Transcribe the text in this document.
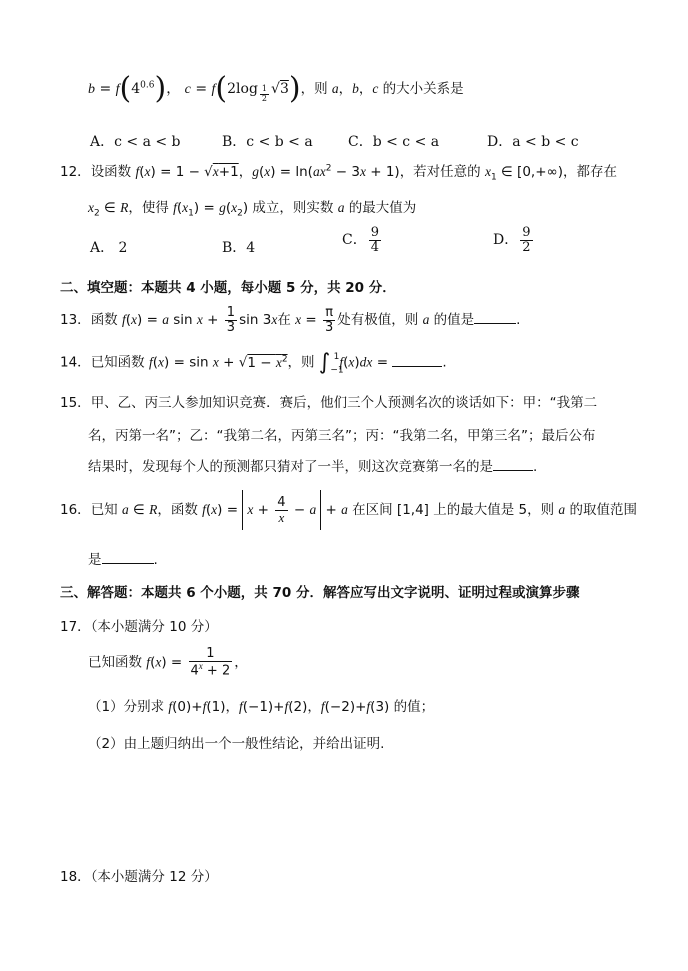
$b = f(4^{0.6})$， c = f(2log $_{\frac{1}{2}}$ √3)，则 a，b，c 的大小关系是
A．c < a < b	B．c < b < a	C．b < c < a	D．a < b < c
12．设函数 f(x) = 1 − √x+1，$g(x) = \ln(ax^2 - 3x + 1)$，若对任意的 $x_1$ ∈ [0,+∞)，都存在
$x_2$ ∈ R，使得 $f(x_1) = g(x_2)$ 成立，则实数 a 的最大值为
A． 2	B．4	C． $\frac{9}{4}$	D． $\frac{9}{2}$
二、填空题：本题共 4 小题，每小题 5 分，共 20 分．
13．函数 f(x) = a $\sin x + \frac{1}{3}$ sin 3x在 $x = \frac{\pi}{3}$ 处有极值，则 a 的值是	.
14．已知函数 $f(x) = \sin x + √1 - x^2$，则 $\int_{-1}^1f(x)dx$ =	.
15．甲、乙、丙三人参加知识竞赛．赛后，他们三个人预测名次的谈话如下：甲：“我第二
名，丙第一名”；乙：“我第二名，丙第三名”；丙：“我第二名，甲第三名”；最后公布
结果时，发现每个人的预测都只猜对了一半，则这次竞赛第一名的是	.
16．已知 a ∈ R，函数 $f(x) = x + \frac{4}{x} - a + a$ 在区间 [1,4] 上的最大值是 5，则 a 的取值范围
是	.
三、解答题：本题共 6 个小题，共 70 分．解答应写出文字说明、证明过程或演算步骤
17．（本小题满分 10 分）
已知函数 $f(x) = \frac{1}{4^x + 2}$ ，
（1）分别求 f(0)+f(1)，f(−1)+f(2)，f(−2)+f(3) 的值；
（2）由上题归纳出一个一般性结论，并给出证明.
18．（本小题满分 12 分）
